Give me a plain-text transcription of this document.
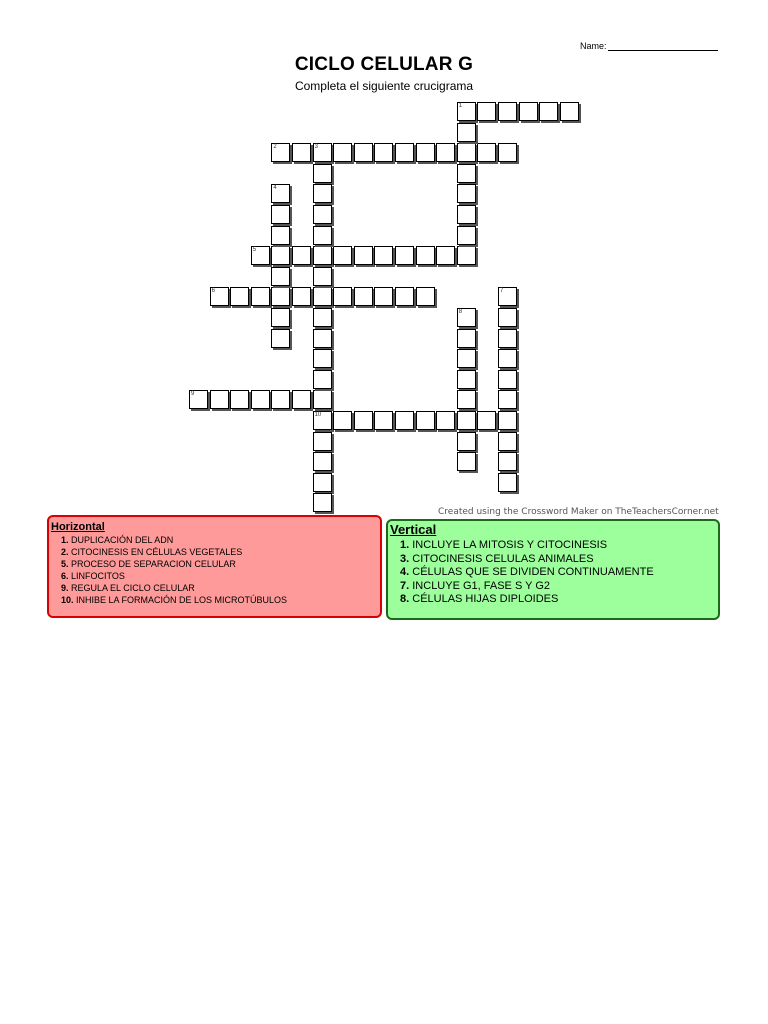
Name:
CICLO CELULAR G
Completa el siguiente crucigrama
1
2	3
5
6
9
10
4
7
8
Created using the Crossword Maker on TheTeachersCorner.net
Horizontal
1. DUPLICACIÓN DEL ADN
2. CITOCINESIS EN CÉLULAS VEGETALES
5. PROCESO DE SEPARACION CELULAR
6. LINFOCITOS
9. REGULA EL CICLO CELULAR
10. INHIBE LA FORMACIÓN DE LOS MICROTÚBULOS
Vertical
1. INCLUYE LA MITOSIS Y CITOCINESIS
3. CITOCINESIS CELULAS ANIMALES
4. CÉLULAS QUE SE DIVIDEN CONTINUAMENTE
7. INCLUYE G1, FASE S Y G2
8. CÉLULAS HIJAS DIPLOIDES
